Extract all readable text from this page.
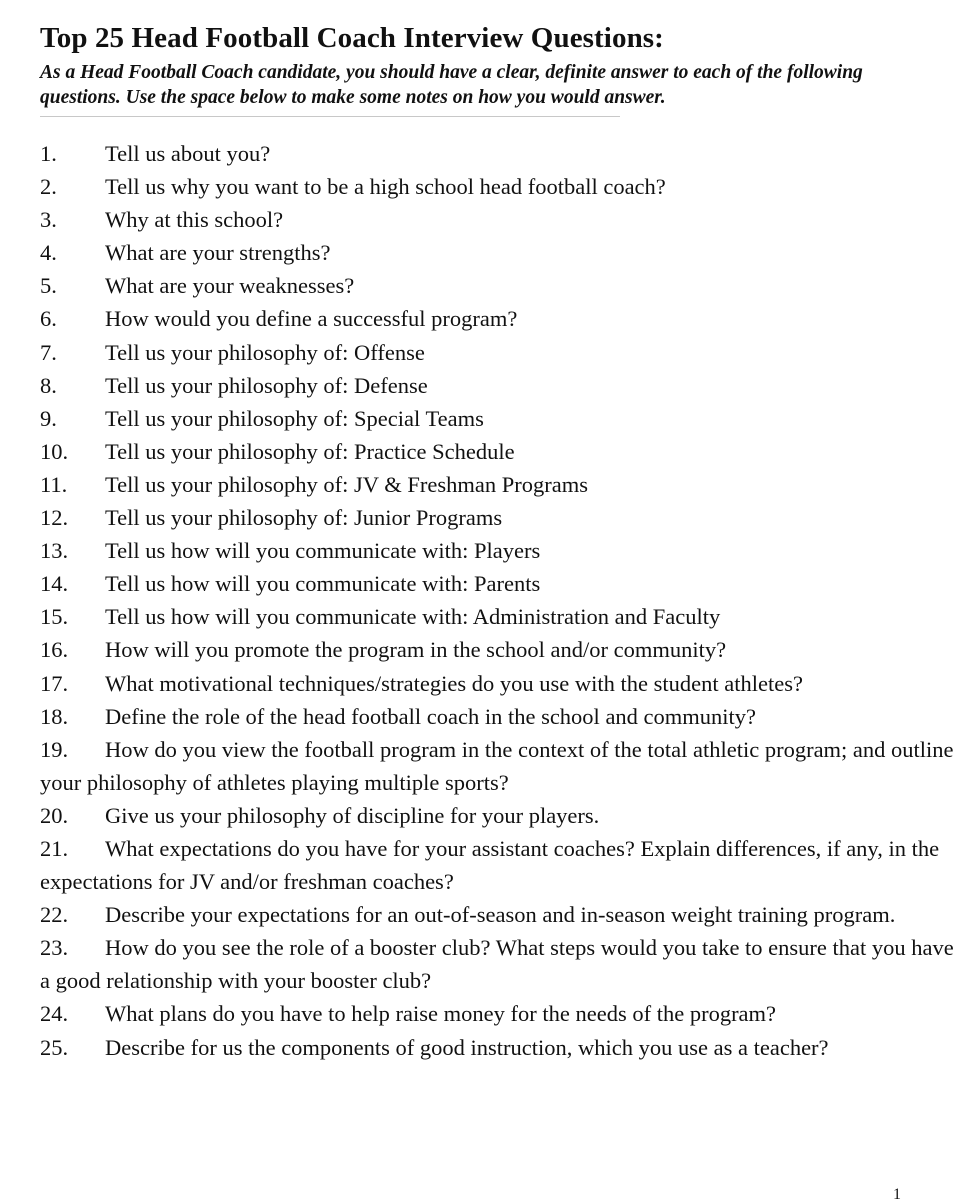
Top 25 Head Football Coach Interview Questions:
As a Head Football Coach candidate, you should have a clear, definite answer to each of the following questions. Use the space below to make some notes on how you would answer.
1. Tell us about you?
2. Tell us why you want to be a high school head football coach?
3. Why at this school?
4. What are your strengths?
5. What are your weaknesses?
6. How would you define a successful program?
7. Tell us your philosophy of: Offense
8. Tell us your philosophy of: Defense
9. Tell us your philosophy of: Special Teams
10. Tell us your philosophy of: Practice Schedule
11. Tell us your philosophy of: JV & Freshman Programs
12. Tell us your philosophy of: Junior Programs
13. Tell us how will you communicate with: Players
14. Tell us how will you communicate with: Parents
15. Tell us how will you communicate with: Administration and Faculty
16. How will you promote the program in the school and/or community?
17. What motivational techniques/strategies do you use with the student athletes?
18. Define the role of the head football coach in the school and community?
19. How do you view the football program in the context of the total athletic program; and outline your philosophy of athletes playing multiple sports?
20. Give us your philosophy of discipline for your players.
21. What expectations do you have for your assistant coaches? Explain differences, if any, in the expectations for JV and/or freshman coaches?
22. Describe your expectations for an out-of-season and in-season weight training program.
23. How do you see the role of a booster club? What steps would you take to ensure that you have a good relationship with your booster club?
24. What plans do you have to help raise money for the needs of the program?
25. Describe for us the components of good instruction, which you use as a teacher?
1
